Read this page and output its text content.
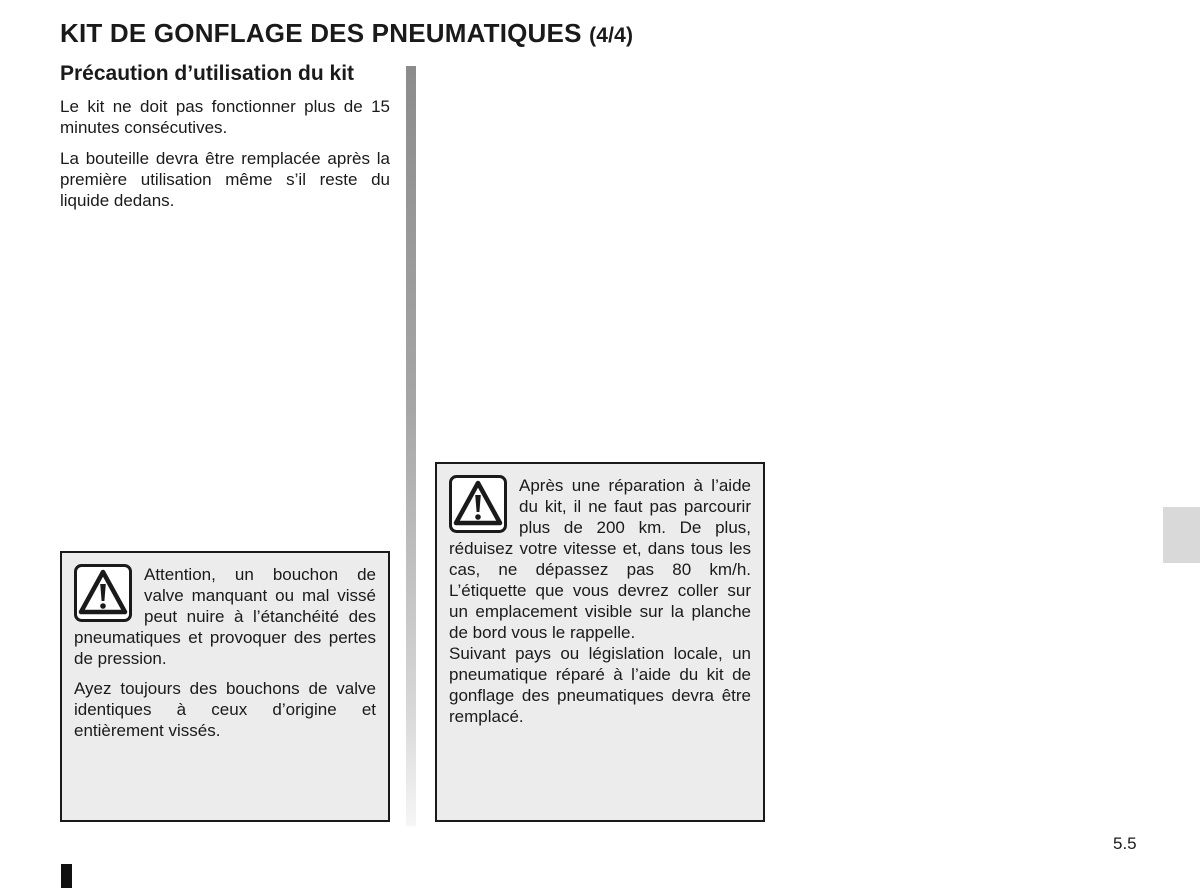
KIT DE GONFLAGE DES PNEUMATIQUES (4/4)
Précaution d’utilisation du kit

Le kit ne doit pas fonctionner plus de 15 minutes consécutives.

La bouteille devra être remplacée après la première utilisation même s’il reste du liquide dedans.

Attention, un bouchon de valve manquant ou mal vissé peut nuire à l’étanchéité des pneumatiques et provoquer des pertes de pression.

Ayez toujours des bouchons de valve identiques à ceux d’origine et entièrement vissés.

Après une réparation à l’aide du kit, il ne faut pas parcourir plus de 200 km. De plus, réduisez votre vitesse et, dans tous les cas, ne dépassez pas 80 km/h. L’étiquette que vous devrez coller sur un emplacement visible sur la planche de bord vous le rappelle.

Suivant pays ou législation locale, un pneumatique réparé à l’aide du kit de gonflage des pneumatiques devra être remplacé.

5.5
